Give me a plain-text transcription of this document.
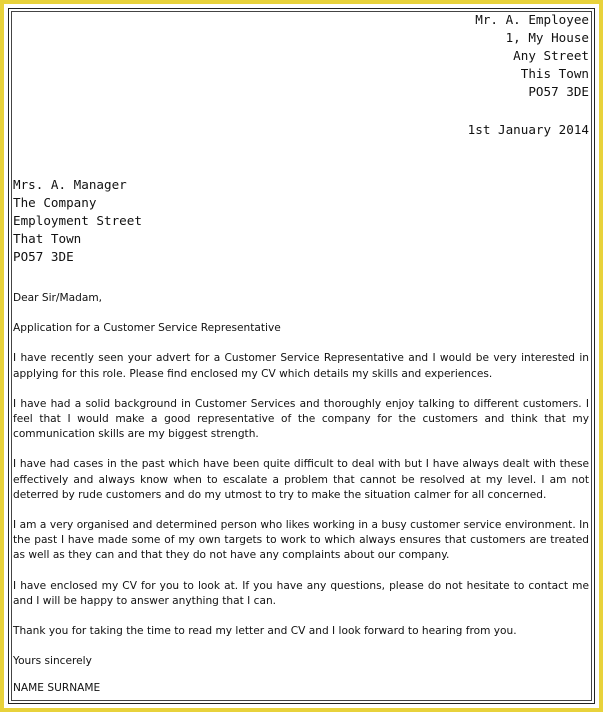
Mr. A. Employee
1, My House
Any Street
This Town
PO57 3DE
1st January 2014
Mrs. A. Manager
The Company
Employment Street
That Town
PO57 3DE

Dear Sir/Madam,

Application for a Customer Service Representative

I have recently seen your advert for a Customer Service Representative and I would be very interested in applying for this role. Please find enclosed my CV which details my skills and experiences.

I have had a solid background in Customer Services and thoroughly enjoy talking to different customers. I feel that I would make a good representative of the company for the customers and think that my communication skills are my biggest strength.

I have had cases in the past which have been quite difficult to deal with but I have always dealt with these effectively and always know when to escalate a problem that cannot be resolved at my level. I am not deterred by rude customers and do my utmost to try to make the situation calmer for all concerned.

I am a very organised and determined person who likes working in a busy customer service environment. In the past I have made some of my own targets to work to which always ensures that customers are treated as well as they can and that they do not have any complaints about our company.

I have enclosed my CV for you to look at. If you have any questions, please do not hesitate to contact me and I will be happy to answer anything that I can.

Thank you for taking the time to read my letter and CV and I look forward to hearing from you.

Yours sincerely
NAME SURNAME
